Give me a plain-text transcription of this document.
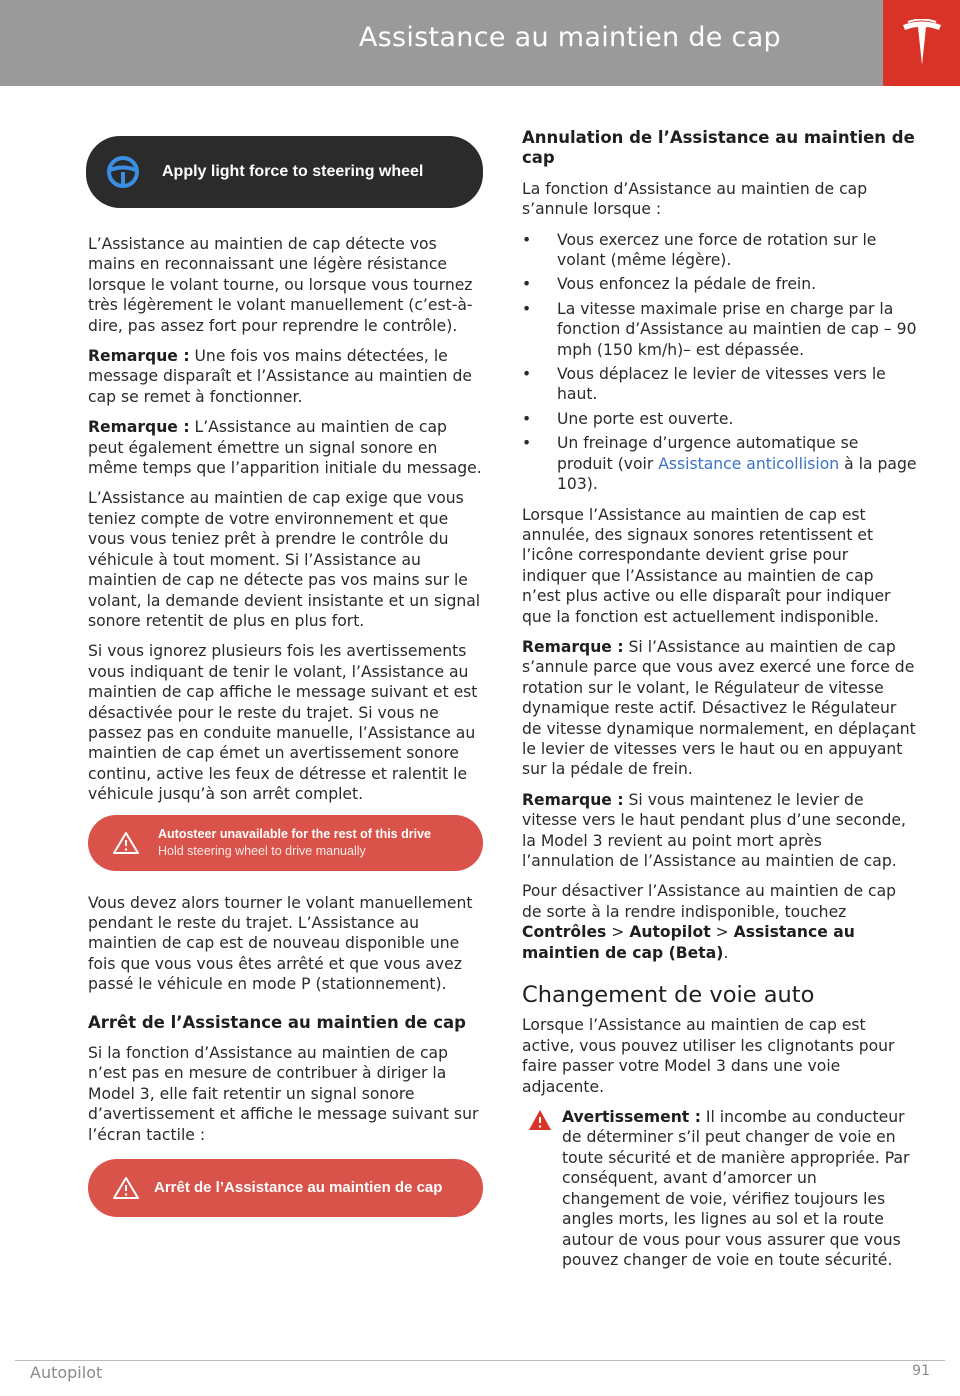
Assistance au maintien de cap
Apply light force to steering wheel

L’Assistance au maintien de cap détecte vos mains en reconnaissant une légère résistance lorsque le volant tourne, ou lorsque vous tournez très légèrement le volant manuellement (c’est-à-dire, pas assez fort pour reprendre le contrôle).

Remarque : Une fois vos mains détectées, le message disparaît et l’Assistance au maintien de cap se remet à fonctionner.

Remarque : L’Assistance au maintien de cap peut également émettre un signal sonore en même temps que l’apparition initiale du message.

L’Assistance au maintien de cap exige que vous teniez compte de votre environnement et que vous vous teniez prêt à prendre le contrôle du véhicule à tout moment. Si l’Assistance au maintien de cap ne détecte pas vos mains sur le volant, la demande devient insistante et un signal sonore retentit de plus en plus fort.

Si vous ignorez plusieurs fois les avertissements vous indiquant de tenir le volant, l’Assistance au maintien de cap affiche le message suivant et est désactivée pour le reste du trajet. Si vous ne passez pas en conduite manuelle, l’Assistance au maintien de cap émet un avertissement sonore continu, active les feux de détresse et ralentit le véhicule jusqu’à son arrêt complet.

Autosteer unavailable for the rest of this drive
Hold steering wheel to drive manually

Vous devez alors tourner le volant manuellement pendant le reste du trajet. L’Assistance au maintien de cap est de nouveau disponible une fois que vous vous êtes arrêté et que vous avez passé le véhicule en mode P (stationnement).

Arrêt de l’Assistance au maintien de cap

Si la fonction d’Assistance au maintien de cap n’est pas en mesure de contribuer à diriger la Model 3, elle fait retentir un signal sonore d’avertissement et affiche le message suivant sur l’écran tactile :

Arrêt de l’Assistance au maintien de cap
Annulation de l’Assistance au maintien de cap

La fonction d’Assistance au maintien de cap s’annule lorsque :

• Vous exercez une force de rotation sur le volant (même légère).
• Vous enfoncez la pédale de frein.
• La vitesse maximale prise en charge par la fonction d’Assistance au maintien de cap – 90 mph (150 km/h)– est dépassée.
• Vous déplacez le levier de vitesses vers le haut.
• Une porte est ouverte.
• Un freinage d’urgence automatique se produit (voir Assistance anticollision à la page 103).

Lorsque l’Assistance au maintien de cap est annulée, des signaux sonores retentissent et l’icône correspondante devient grise pour indiquer que l’Assistance au maintien de cap n’est plus active ou elle disparaît pour indiquer que la fonction est actuellement indisponible.

Remarque : Si l’Assistance au maintien de cap s’annule parce que vous avez exercé une force de rotation sur le volant, le Régulateur de vitesse dynamique reste actif. Désactivez le Régulateur de vitesse dynamique normalement, en déplaçant le levier de vitesses vers le haut ou en appuyant sur la pédale de frein.

Remarque : Si vous maintenez le levier de vitesse vers le haut pendant plus d’une seconde, la Model 3 revient au point mort après l’annulation de l’Assistance au maintien de cap.

Pour désactiver l’Assistance au maintien de cap de sorte à la rendre indisponible, touchez Contrôles > Autopilot > Assistance au maintien de cap (Beta).

Changement de voie auto

Lorsque l’Assistance au maintien de cap est active, vous pouvez utiliser les clignotants pour faire passer votre Model 3 dans une voie adjacente.

Avertissement : Il incombe au conducteur de déterminer s’il peut changer de voie en toute sécurité et de manière appropriée. Par conséquent, avant d’amorcer un changement de voie, vérifiez toujours les angles morts, les lignes au sol et la route autour de vous pour vous assurer que vous pouvez changer de voie en toute sécurité.
Autopilot	91
